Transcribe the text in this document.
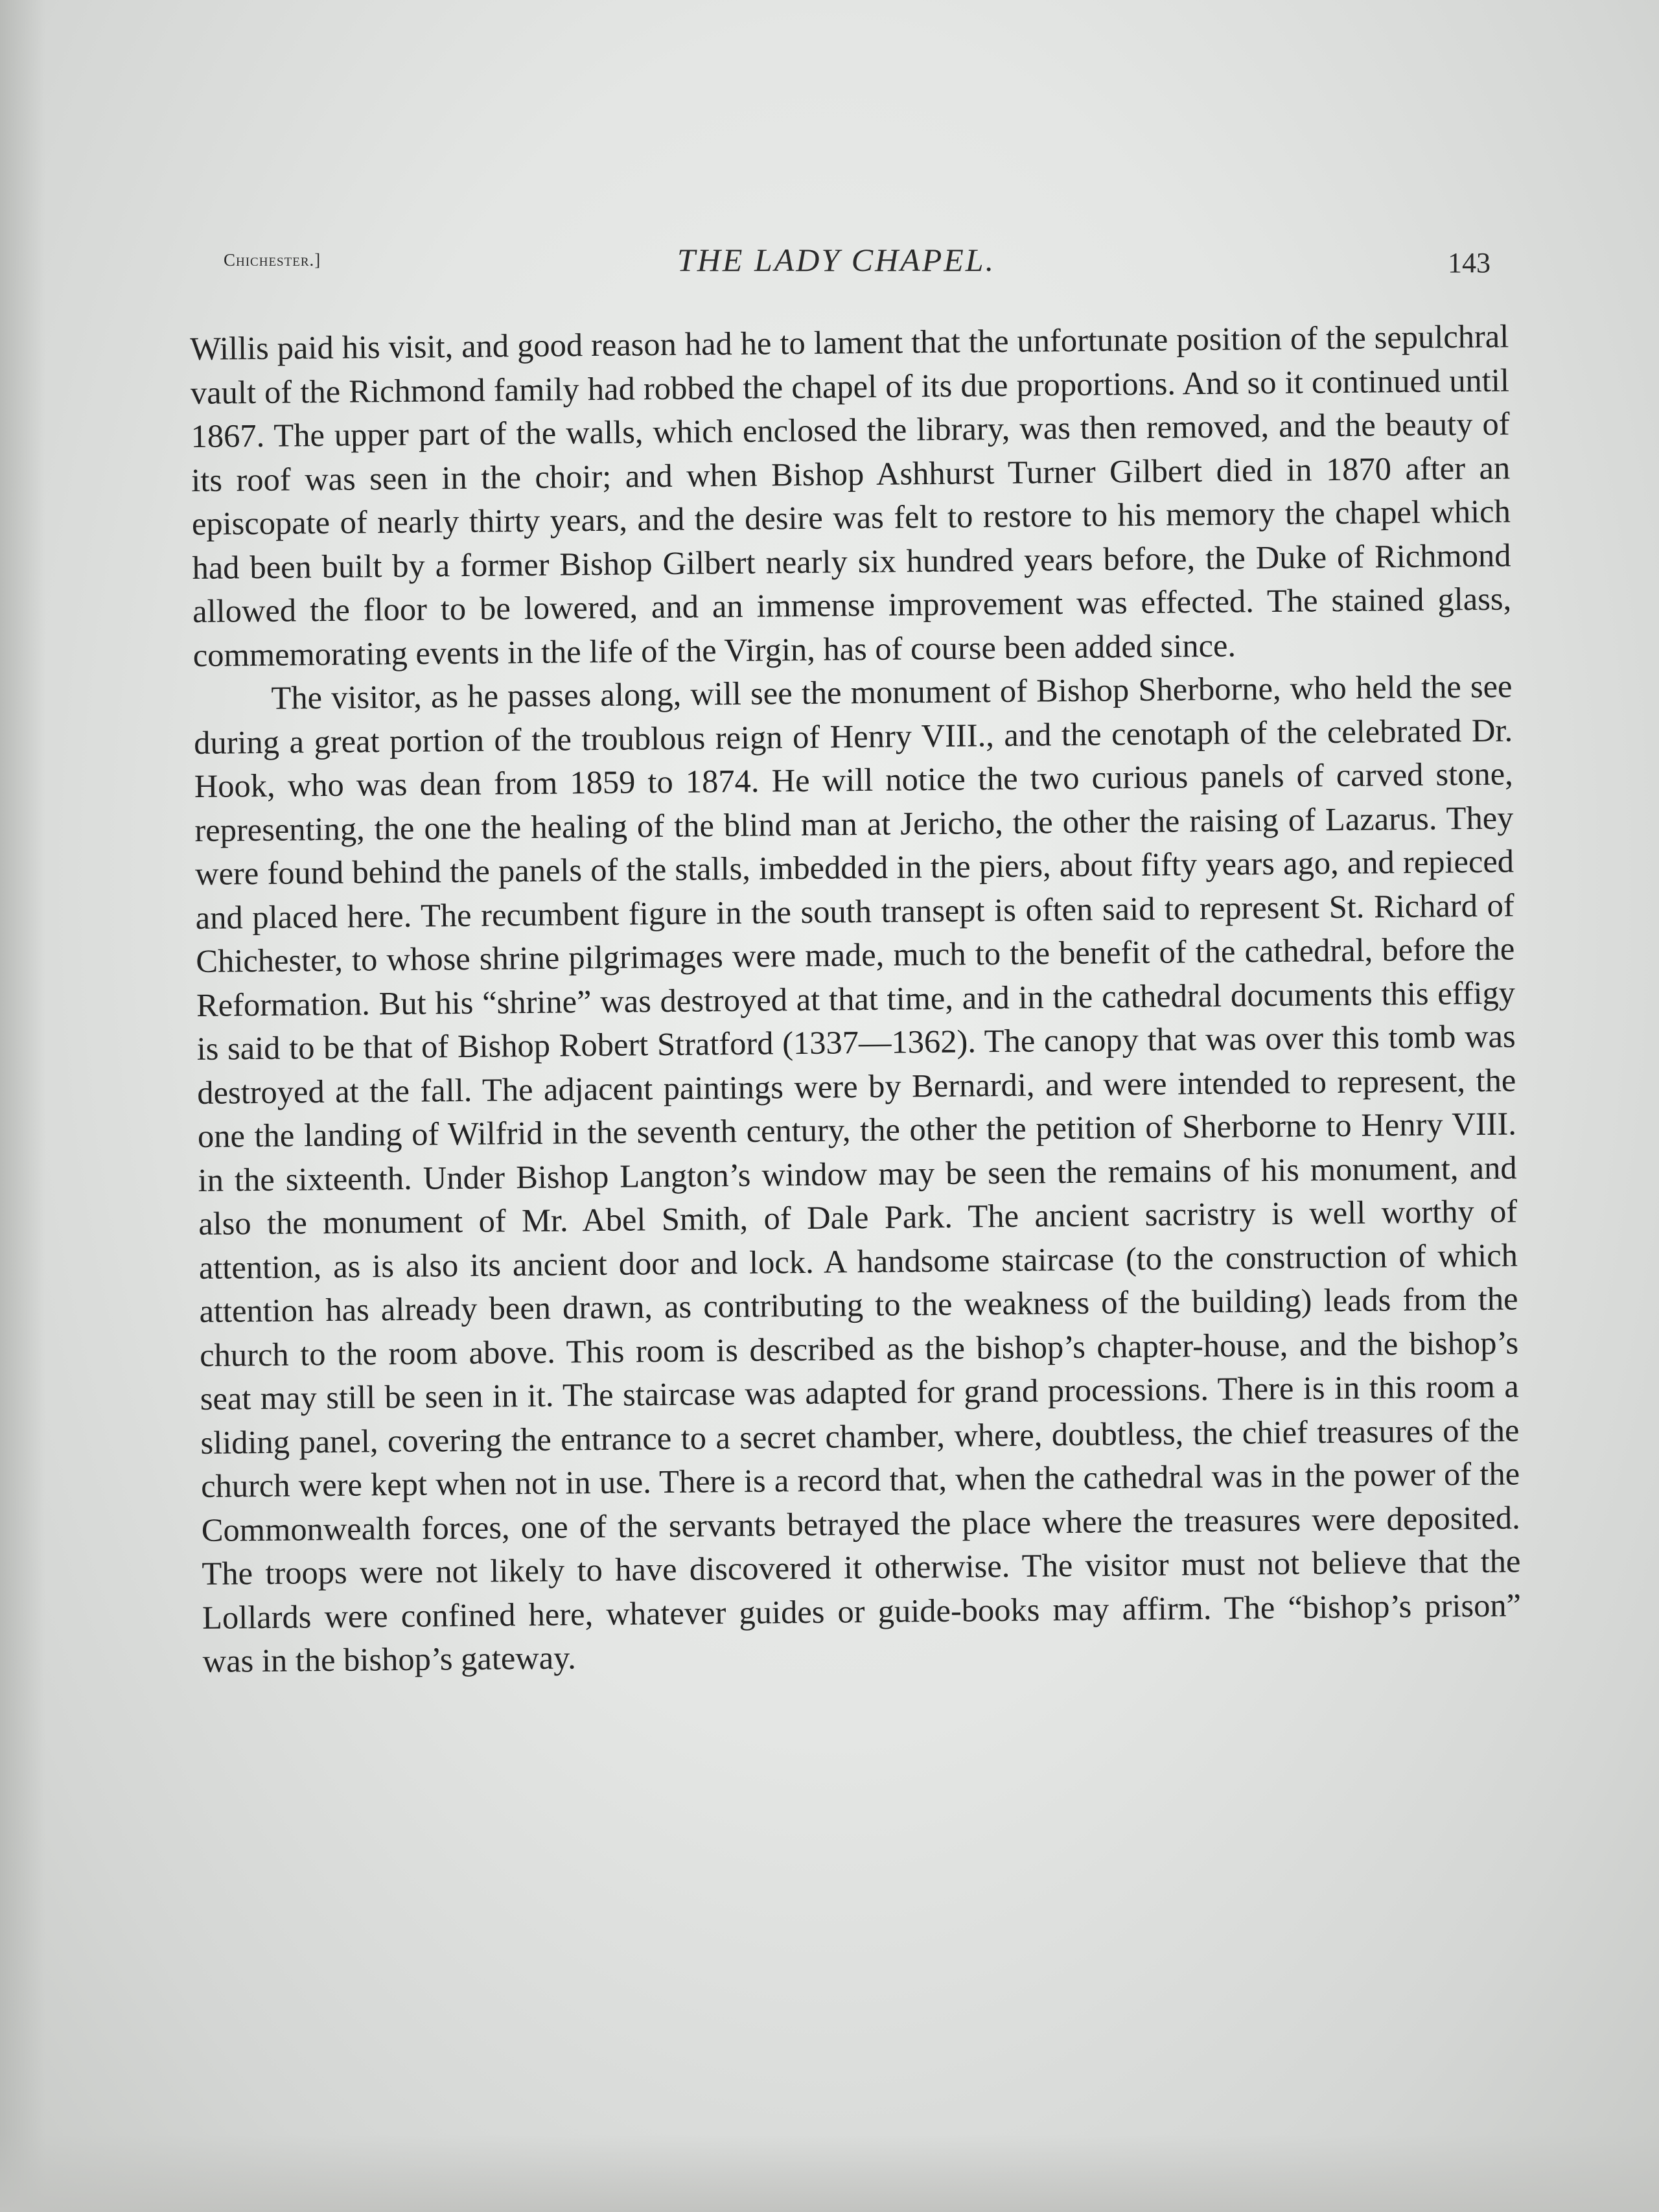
Chichester.]	THE LADY CHAPEL.	143

Willis paid his visit, and good reason had he to lament that the unfortunate position of the sepulchral vault of the Richmond family had robbed the chapel of its due proportions. And so it continued until 1867. The upper part of the walls, which enclosed the library, was then removed, and the beauty of its roof was seen in the choir; and when Bishop Ashhurst Turner Gilbert died in 1870 after an episcopate of nearly thirty years, and the desire was felt to restore to his memory the chapel which had been built by a former Bishop Gilbert nearly six hundred years before, the Duke of Richmond allowed the floor to be lowered, and an immense improvement was effected. The stained glass, commemorating events in the life of the Virgin, has of course been added since.

The visitor, as he passes along, will see the monument of Bishop Sherborne, who held the see during a great portion of the troublous reign of Henry VIII., and the cenotaph of the celebrated Dr. Hook, who was dean from 1859 to 1874. He will notice the two curious panels of carved stone, representing, the one the healing of the blind man at Jericho, the other the raising of Lazarus. They were found behind the panels of the stalls, imbedded in the piers, about fifty years ago, and repieced and placed here. The recumbent figure in the south transept is often said to represent St. Richard of Chichester, to whose shrine pilgrimages were made, much to the benefit of the cathedral, before the Reformation. But his “shrine” was destroyed at that time, and in the cathedral documents this effigy is said to be that of Bishop Robert Stratford (1337—1362). The canopy that was over this tomb was destroyed at the fall. The adjacent paintings were by Bernardi, and were intended to represent, the one the landing of Wilfrid in the seventh century, the other the petition of Sherborne to Henry VIII. in the sixteenth. Under Bishop Langton’s window may be seen the remains of his monument, and also the monument of Mr. Abel Smith, of Dale Park. The ancient sacristry is well worthy of attention, as is also its ancient door and lock. A handsome staircase (to the construction of which attention has already been drawn, as contributing to the weakness of the building) leads from the church to the room above. This room is described as the bishop’s chapter-house, and the bishop’s seat may still be seen in it. The staircase was adapted for grand processions. There is in this room a sliding panel, covering the entrance to a secret chamber, where, doubtless, the chief treasures of the church were kept when not in use. There is a record that, when the cathedral was in the power of the Commonwealth forces, one of the servants betrayed the place where the treasures were deposited. The troops were not likely to have discovered it otherwise. The visitor must not believe that the Lollards were confined here, whatever guides or guide-books may affirm. The “bishop’s prison” was in the bishop’s gateway.
